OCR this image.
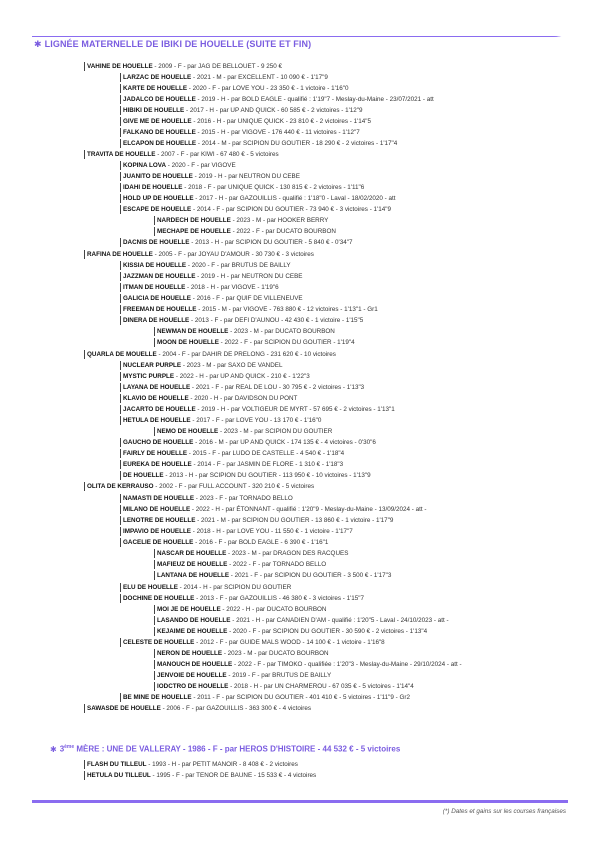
✱ LIGNÉE MATERNELLE DE IBIKI DE HOUELLE (SUITE ET FIN)
VAHINE DE HOUELLE - 2009 - F - par JAG DE BELLOUET - 9 250 €
LARZAC DE HOUELLE - 2021 - M - par EXCELLENT - 10 090 € - 1'17"9
KARTE DE HOUELLE - 2020 - F - par LOVE YOU - 23 350 € - 1 victoire - 1'16"0
JADALCO DE HOUELLE - 2019 - H - par BOLD EAGLE - qualifié : 1'19"7 - Meslay-du-Maine - 23/07/2021 - att
HIBIKI DE HOUELLE - 2017 - H - par UP AND QUICK - 60 585 € - 2 victoires - 1'12"9
GIVE ME DE HOUELLE - 2016 - H - par UNIQUE QUICK - 23 810 € - 2 victoires - 1'14"5
FALKANO DE HOUELLE - 2015 - H - par VIGOVE - 176 440 € - 11 victoires - 1'12"7
ELCAPON DE HOUELLE - 2014 - M - par SCIPION DU GOUTIER - 18 290 € - 2 victoires - 1'17"4
TRAVITA DE HOUELLE - 2007 - F - par KIWI - 67 480 € - 5 victoires
KOPINA LOVA - 2020 - F - par VIGOVE
JUANITO DE HOUELLE - 2019 - H - par NEUTRON DU CEBE
IDAHI DE HOUELLE - 2018 - F - par UNIQUE QUICK - 130 815 € - 2 victoires - 1'11"6
HOLD UP DE HOUELLE - 2017 - H - par GAZOUILLIS - qualifié : 1'18"0 - Laval - 18/02/2020 - att
ESCAPE DE HOUELLE - 2014 - F - par SCIPION DU GOUTIER - 73 940 € - 3 victoires - 1'14"9
NARDECH DE HOUELLE - 2023 - M - par HOOKER BERRY
MECHAPE DE HOUELLE - 2022 - F - par DUCATO BOURBON
DACNIS DE HOUELLE - 2013 - H - par SCIPION DU GOUTIER - 5 840 € - 0'34"7
RAFINA DE HOUELLE - 2005 - F - par JOYAU D'AMOUR - 30 730 € - 3 victoires
KISSIA DE HOUELLE - 2020 - F - par BRUTUS DE BAILLY
JAZZMAN DE HOUELLE - 2019 - H - par NEUTRON DU CEBE
ITMAN DE HOUELLE - 2018 - H - par VIGOVE - 1'19"6
GALICIA DE HOUELLE - 2016 - F - par QUIF DE VILLENEUVE
FREEMAN DE HOUELLE - 2015 - M - par VIGOVE - 763 880 € - 12 victoires - 1'13"1 - Gr1
DINERA DE HOUELLE - 2013 - F - par DEFI D'AUNOU - 42 430 € - 1 victoire - 1'15"5
NEWMAN DE HOUELLE - 2023 - M - par DUCATO BOURBON
MOON DE HOUELLE - 2022 - F - par SCIPION DU GOUTIER - 1'19"4
QUARLA DE MOUELLE - 2004 - F - par DAHIR DE PRELONG - 231 620 € - 10 victoires
NUCLEAR PURPLE - 2023 - M - par SAXO DE VANDEL
MYSTIC PURPLE - 2022 - H - par UP AND QUICK - 210 € - 1'22"3
LAYANA DE HOUELLE - 2021 - F - par REAL DE LOU - 30 795 € - 2 victoires - 1'13"3
KLAVIO DE HOUELLE - 2020 - H - par DAVIDSON DU PONT
JACARTO DE HOUELLE - 2019 - H - par VOLTIGEUR DE MYRT - 57 695 € - 2 victoires - 1'13"1
HETULA DE HOUELLE - 2017 - F - par LOVE YOU - 13 170 € - 1'16"0
NEMO DE HOUELLE - 2023 - M - par SCIPION DU GOUTIER
GAUCHO DE HOUELLE - 2016 - M - par UP AND QUICK - 174 135 € - 4 victoires - 0'30"6
FAIRLY DE HOUELLE - 2015 - F - par LUDO DE CASTELLE - 4 540 € - 1'18"4
EUREKA DE HOUELLE - 2014 - F - par JASMIN DE FLORE - 1 310 € - 1'18"3
DE HOUELLE - 2013 - H - par SCIPION DU GOUTIER - 113 950 € - 10 victoires - 1'13"9
OLITA DE KERRAUSO - 2002 - F - par FULL ACCOUNT - 320 210 € - 5 victoires
NAMASTI DE HOUELLE - 2023 - F - par TORNADO BELLO
MILANO DE HOUELLE - 2022 - H - par ÉTONNANT - qualifié : 1'20"9 - Meslay-du-Maine - 13/09/2024 - att -
LENOTRE DE HOUELLE - 2021 - M - par SCIPION DU GOUTIER - 13 860 € - 1 victoire - 1'17"9
IMPAVIO DE HOUELLE - 2018 - H - par LOVE YOU - 11 550 € - 1 victoire - 1'17"7
GACELIE DE HOUELLE - 2016 - F - par BOLD EAGLE - 6 390 € - 1'16"1
NASCAR DE HOUELLE - 2023 - M - par DRAGON DES RACQUES
MAFIEUZ DE HOUELLE - 2022 - F - par TORNADO BELLO
LANTANA DE HOUELLE - 2021 - F - par SCIPION DU GOUTIER - 3 500 € - 1'17"3
ELU DE HOUELLE - 2014 - H - par SCIPION DU GOUTIER
DOCHINE DE HOUELLE - 2013 - F - par GAZOUILLIS - 46 380 € - 3 victoires - 1'15"7
MOI JE DE HOUELLE - 2022 - H - par DUCATO BOURBON
LASANDO DE HOUELLE - 2021 - H - par CANADIEN D'AM - qualifié : 1'20"5 - Laval - 24/10/2023 - att -
KEJAIME DE HOUELLE - 2020 - F - par SCIPION DU GOUTIER - 30 590 € - 2 victoires - 1'13"4
CELESTE DE HOUELLE - 2012 - F - par GUIDE MALS WOOD - 14 100 € - 1 victoire - 1'16"8
NERON DE HOUELLE - 2023 - M - par DUCATO BOURBON
MANOUCH DE HOUELLE - 2022 - F - par TIMOKO - qualifiée : 1'20"3 - Meslay-du-Maine - 29/10/2024 - att -
JENVOIE DE HOUELLE - 2019 - F - par BRUTUS DE BAILLY
IODCTRO DE HOUELLE - 2018 - H - par UN CHARMEROU - 67 035 € - 5 victoires - 1'14"4
BE MINE DE HOUELLE - 2011 - F - par SCIPION DU GOUTIER - 401 410 € - 5 victoires - 1'11"9 - Gr2
SAWASDE DE HOUELLE - 2006 - F - par GAZOUILLIS - 363 300 € - 4 victoires
FLASH DU TILLEUL - 1993 - H - par PETIT MANOIR - 8 408 € - 2 victoires
HETULA DU TILLEUL - 1995 - F - par TENOR DE BAUNE - 15 533 € - 4 victoires
✱ 3ème MÈRE : UNE DE VALLERAY - 1986 - F - par HEROS D'HISTOIRE - 44 532 € - 5 victoires
(*) Dates et gains sur les courses françaises
